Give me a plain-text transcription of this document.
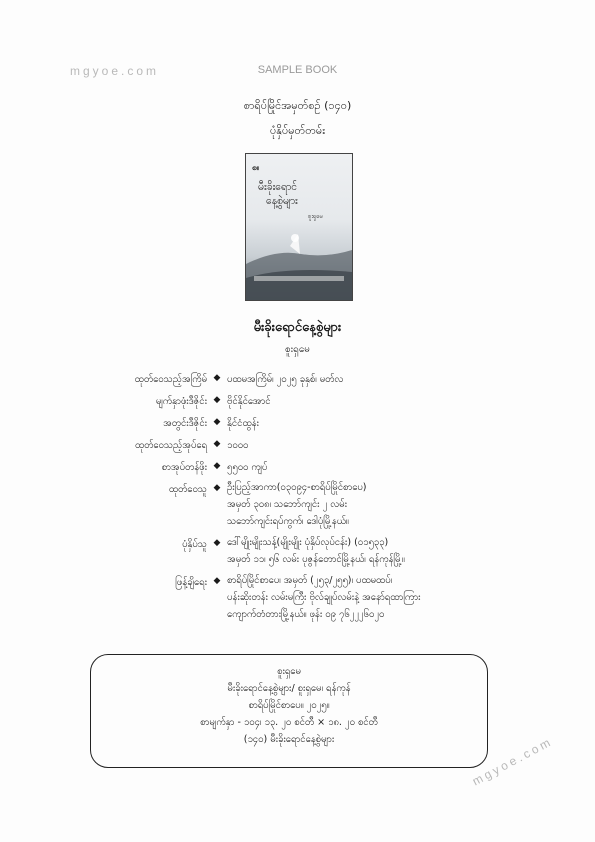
mgyoe.com	SAMPLE BOOK
mgyoe.com
စာရိပ်မြိုင်အမှတ်စဉ် (၁၄၀)
ပုံနှိပ်မှတ်တမ်း
စ။
မီးခိုးရောင်
နေ့စွဲများ
စူးရှမေ
မီးခိုးရောင်နေ့စွဲများ
စူးရှမေ
ထုတ်ဝေသည့်အကြိမ် ◆ ပထမအကြိမ်၊ ၂၀၂၅ ခုနှစ်၊ မတ်လ
မျက်နှာဖုံးဒီဇိုင်း ◆ ဗိုင်နိုင်အောင်
အတွင်းဒီဇိုင်း ◆ နိုင်ငံထွန်း
ထုတ်ဝေသည့်အုပ်ရေ ◆ ၁၀၀၀
စာအုပ်တန်ဖိုး ◆ ၅၅၀၀ ကျပ်
ထုတ်ဝေသူ ◆ ဦးပြည့်အာကာ(၀၃၀၉၄-စာရိပ်မြိုင်စာပေ)
အမှတ် ၃၀၈၊ သဘော်ကျင်း ၂ လမ်း
သဘော်ကျင်းရပ်ကွက်၊ ဒေါပုံမြို့နယ်။
ပုံနှိပ်သူ ◆ ဒေါ်မျိုးမျိုးသန့်(မျိုးမျိုး ပုံနှိပ်လုပ်ငန်း) (၀၁၅၃၃)
အမှတ် ၁၁၊ ၅၆ လမ်း ပုဇွန်တောင်မြို့နယ်၊ ရန်ကုန်မြို့။
ဖြန့်ချိရေး ◆ စာရိပ်မြိုင်စာပေ၊ အမှတ် (၂၅၃/၂၅၅)၊ ပထမထပ်၊
ပန်းဆိုးတန်း လမ်းမကြီး ဗိုလ်ချုပ်လမ်းနဲ့ အနော်ရထာကြား
ကျောက်တံတားမြို့နယ်။ ဖုန်း ၀၉ ၇၆၂၂၂၆၀၂၀
စူးရှမေ
မီးခိုးရောင်နေ့စွဲများ/ စူးရှမေ၊ ရန်ကုန်
စာရိပ်မြိုင်စာပေ။ ၂၀၂၅။
စာမျက်နှာ - ၁၀၄၊ ၁၃. ၂၀ စင်တီ × ၁၈. ၂၀ စင်တီ
(၁၄၀) မီးခိုးရောင်နေ့စွဲများ
